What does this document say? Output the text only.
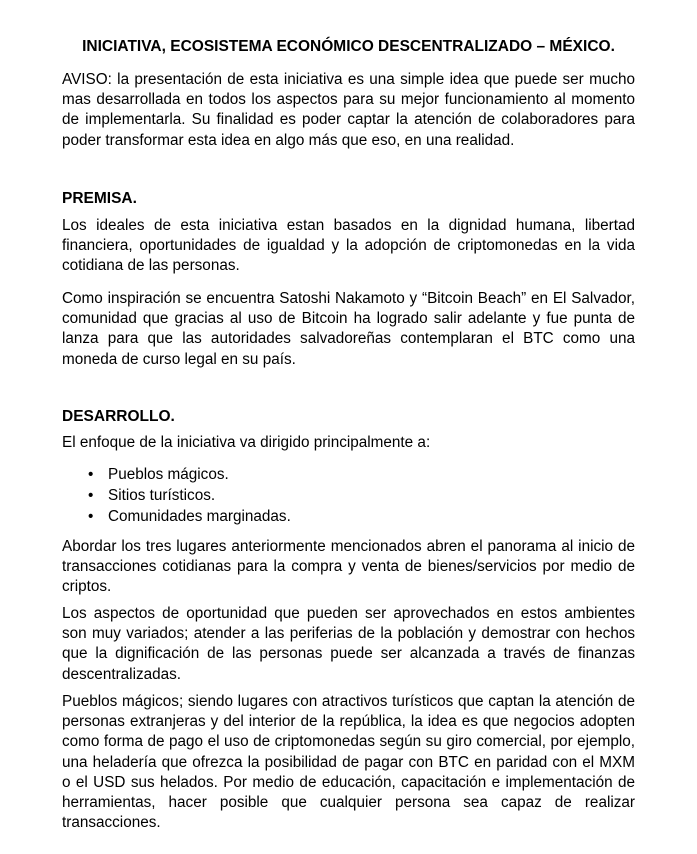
INICIATIVA, ECOSISTEMA ECONÓMICO DESCENTRALIZADO – MÉXICO.
AVISO: la presentación de esta iniciativa es una simple idea que puede ser mucho mas desarrollada en todos los aspectos para su mejor funcionamiento al momento de implementarla. Su finalidad es poder captar la atención de colaboradores para poder transformar esta idea en algo más que eso, en una realidad.
PREMISA.
Los ideales de esta iniciativa estan basados en la dignidad humana, libertad financiera, oportunidades de igualdad y la adopción de criptomonedas en la vida cotidiana de las personas.
Como inspiración se encuentra Satoshi Nakamoto y “Bitcoin Beach” en El Salvador, comunidad que gracias al uso de Bitcoin ha logrado salir adelante y fue punta de lanza para que las autoridades salvadoreñas contemplaran el BTC como una moneda de curso legal en su país.
DESARROLLO.
El enfoque de la iniciativa va dirigido principalmente a:
• Pueblos mágicos.
• Sitios turísticos.
• Comunidades marginadas.
Abordar los tres lugares anteriormente mencionados abren el panorama al inicio de transacciones cotidianas para la compra y venta de bienes/servicios por medio de criptos.
Los aspectos de oportunidad que pueden ser aprovechados en estos ambientes son muy variados; atender a las periferias de la población y demostrar con hechos que la dignificación de las personas puede ser alcanzada a través de finanzas descentralizadas.
Pueblos mágicos; siendo lugares con atractivos turísticos que captan la atención de personas extranjeras y del interior de la república, la idea es que negocios adopten como forma de pago el uso de criptomonedas según su giro comercial, por ejemplo, una heladería que ofrezca la posibilidad de pagar con BTC en paridad con el MXM o el USD sus helados. Por medio de educación, capacitación e implementación de herramientas, hacer posible que cualquier persona sea capaz de realizar transacciones.
